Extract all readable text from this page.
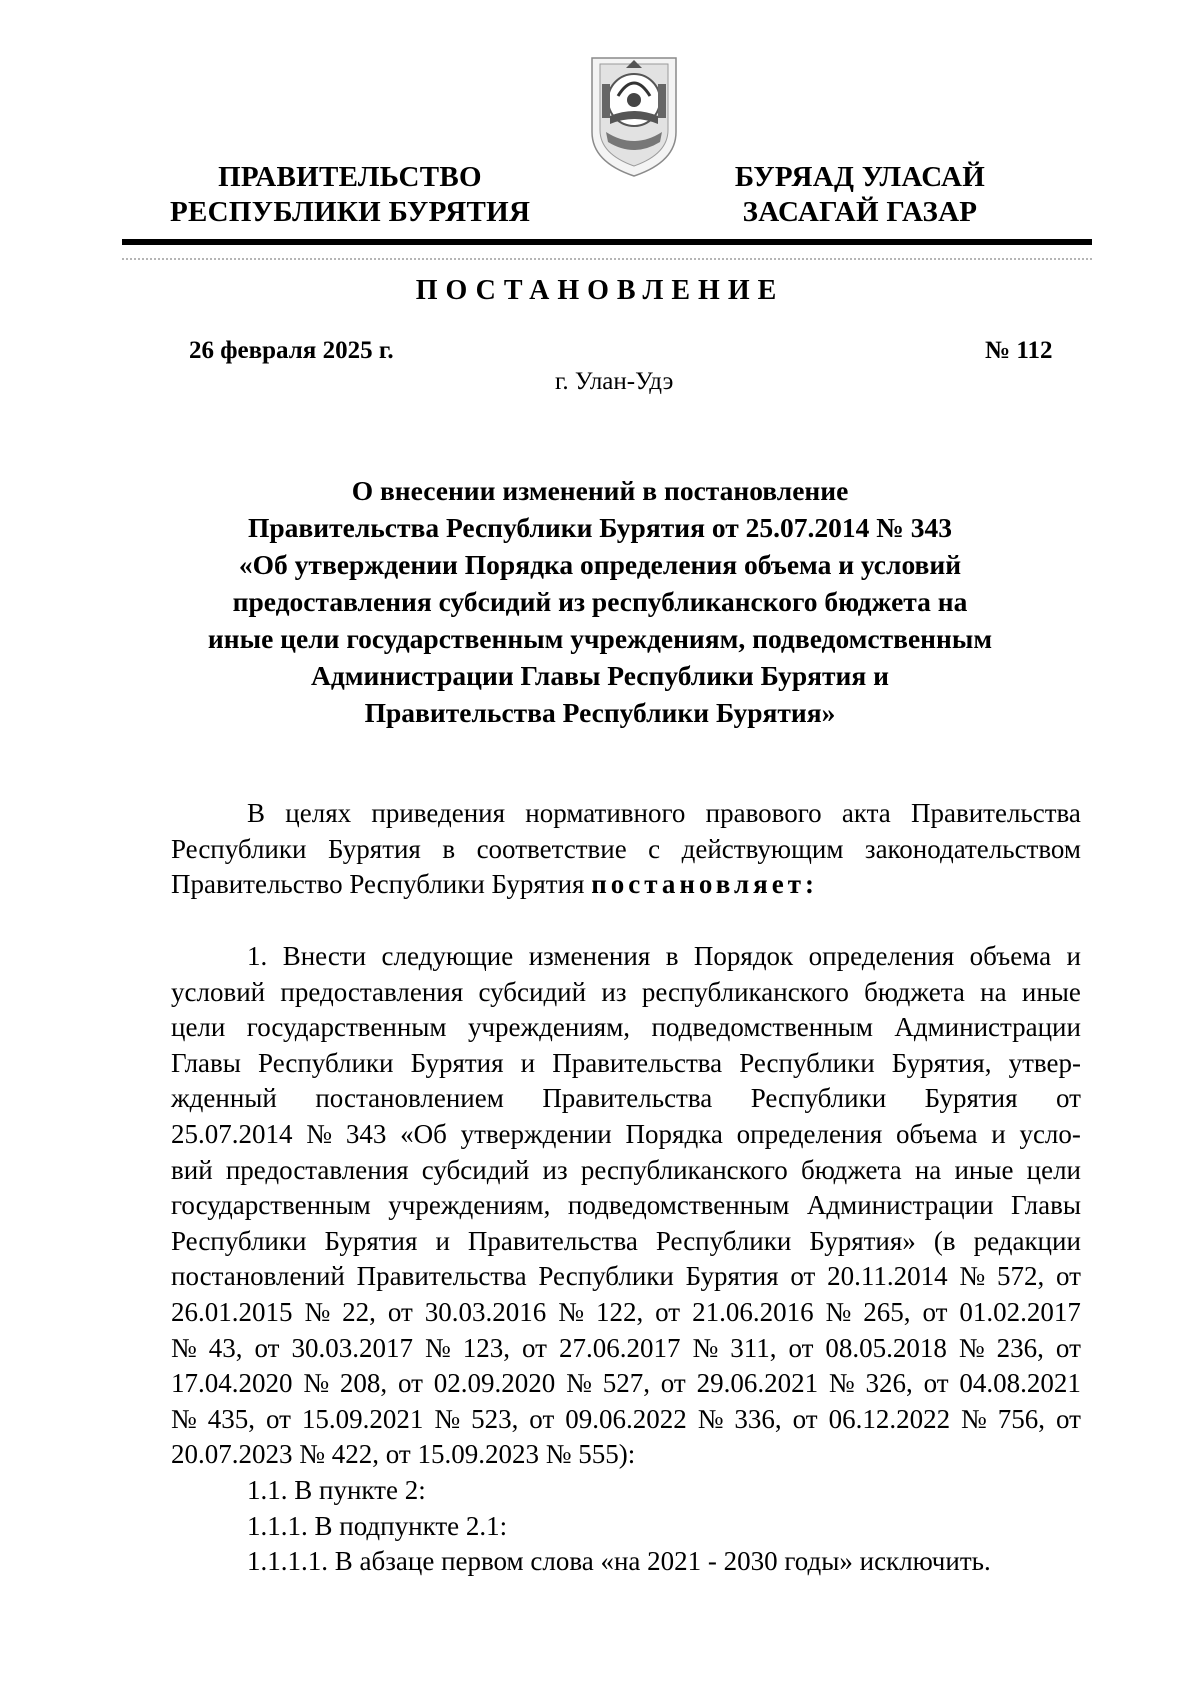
ПРАВИТЕЛЬСТВО
РЕСПУБЛИКИ БУРЯТИЯ
БУРЯАД УЛАСАЙ
ЗАСАГАЙ ГАЗАР
ПОСТАНОВЛЕНИЕ
26 февраля 2025 г.	№ 112
г. Улан-Удэ
О внесении изменений в постановление
Правительства Республики Бурятия от 25.07.2014 № 343
«Об утверждении Порядка определения объема и условий
предоставления субсидий из республиканского бюджета на
иные цели государственным учреждениям, подведомственным
Администрации Главы Республики Бурятия и
Правительства Республики Бурятия»
В целях приведения нормативного правового акта Правительства
Республики Бурятия в соответствие с действующим законодательством
Правительство Республики Бурятия постановляет:
1. Внести следующие изменения в Порядок определения объема и
условий предоставления субсидий из республиканского бюджета на иные
цели государственным учреждениям, подведомственным Администрации
Главы Республики Бурятия и Правительства Республики Бурятия, утвер-
жденный постановлением Правительства Республики Бурятия от
25.07.2014 № 343 «Об утверждении Порядка определения объема и усло-
вий предоставления субсидий из республиканского бюджета на иные цели
государственным учреждениям, подведомственным Администрации Главы
Республики Бурятия и Правительства Республики Бурятия» (в редакции
постановлений Правительства Республики Бурятия от 20.11.2014 № 572, от
26.01.2015 № 22, от 30.03.2016 № 122, от 21.06.2016 № 265, от 01.02.2017
№ 43, от 30.03.2017 № 123, от 27.06.2017 № 311, от 08.05.2018 № 236, от
17.04.2020 № 208, от 02.09.2020 № 527, от 29.06.2021 № 326, от 04.08.2021
№ 435, от 15.09.2021 № 523, от 09.06.2022 № 336, от 06.12.2022 № 756, от
20.07.2023 № 422, от 15.09.2023 № 555):
1.1. В пункте 2:
1.1.1. В подпункте 2.1:
1.1.1.1. В абзаце первом слова «на 2021 - 2030 годы» исключить.
